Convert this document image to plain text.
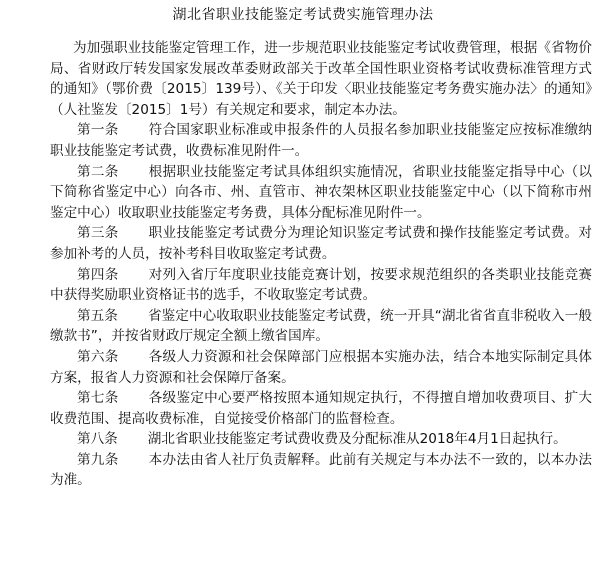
湖北省职业技能鉴定考试费实施管理办法

为加强职业技能鉴定管理工作，进一步规范职业技能鉴定考试收费管理，根据《省物价局、省财政厅转发国家发展改革委财政部关于改革全国性职业资格考试收费标准管理方式的通知》（鄂价费〔2015〕139号）、《关于印发〈职业技能鉴定考务费实施办法〉的通知》（人社鉴发〔2015〕1号）有关规定和要求，制定本办法。

第一条 符合国家职业标准或申报条件的人员报名参加职业技能鉴定应按标准缴纳职业技能鉴定考试费，收费标准见附件一。

第二条 根据职业技能鉴定考试具体组织实施情况，省职业技能鉴定指导中心（以下简称省鉴定中心）向各市、州、直管市、神农架林区职业技能鉴定中心（以下简称市州鉴定中心）收取职业技能鉴定考务费，具体分配标准见附件一。

第三条 职业技能鉴定考试费分为理论知识鉴定考试费和操作技能鉴定考试费。对参加补考的人员，按补考科目收取鉴定考试费。

第四条 对列入省厅年度职业技能竞赛计划，按要求规范组织的各类职业技能竞赛中获得奖励职业资格证书的选手，不收取鉴定考试费。

第五条 省鉴定中心收取职业技能鉴定考试费，统一开具“湖北省省直非税收入一般缴款书”，并按省财政厅规定全额上缴省国库。

第六条 各级人力资源和社会保障部门应根据本实施办法，结合本地实际制定具体方案，报省人力资源和社会保障厅备案。

第七条 各级鉴定中心要严格按照本通知规定执行，不得擅自增加收费项目、扩大收费范围、提高收费标准，自觉接受价格部门的监督检查。

第八条 湖北省职业技能鉴定考试费收费及分配标准从2018年4月1日起执行。

第九条 本办法由省人社厅负责解释。此前有关规定与本办法不一致的，以本办法为准。
